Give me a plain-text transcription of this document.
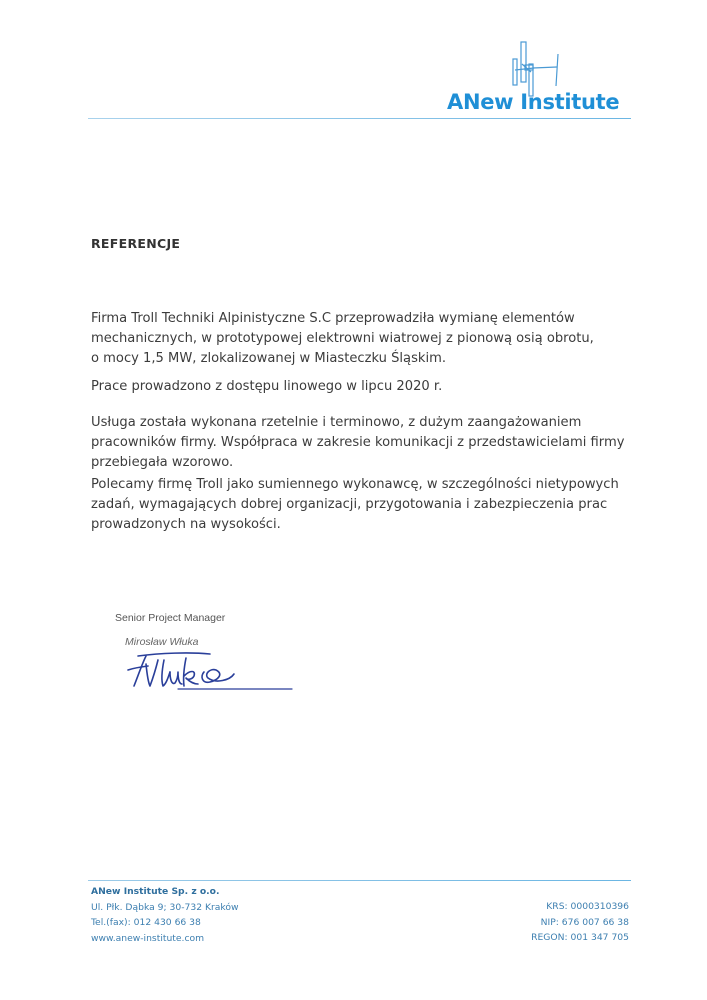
ANew Institute
REFERENCJE
Firma Troll Techniki Alpinistyczne S.C przeprowadziła wymianę elementów
mechanicznych, w prototypowej elektrowni wiatrowej z pionową osią obrotu,
o mocy 1,5 MW, zlokalizowanej w Miasteczku Śląskim.
Prace prowadzono z dostępu linowego w lipcu 2020 r.
Usługa została wykonana rzetelnie i terminowo, z dużym zaangażowaniem
pracowników firmy. Współpraca w zakresie komunikacji z przedstawicielami firmy
przebiegała wzorowo.
Polecamy firmę Troll jako sumiennego wykonawcę, w szczególności nietypowych
zadań, wymagających dobrej organizacji, przygotowania i zabezpieczenia prac
prowadzonych na wysokości.
Senior Project Manager
Mirosław Włuka
ANew Institute Sp. z o.o.
Ul. Płk. Dąbka 9; 30-732 Kraków
Tel.(fax): 012 430 66 38
www.anew-institute.com
KRS: 0000310396
NIP: 676 007 66 38
REGON: 001 347 705
